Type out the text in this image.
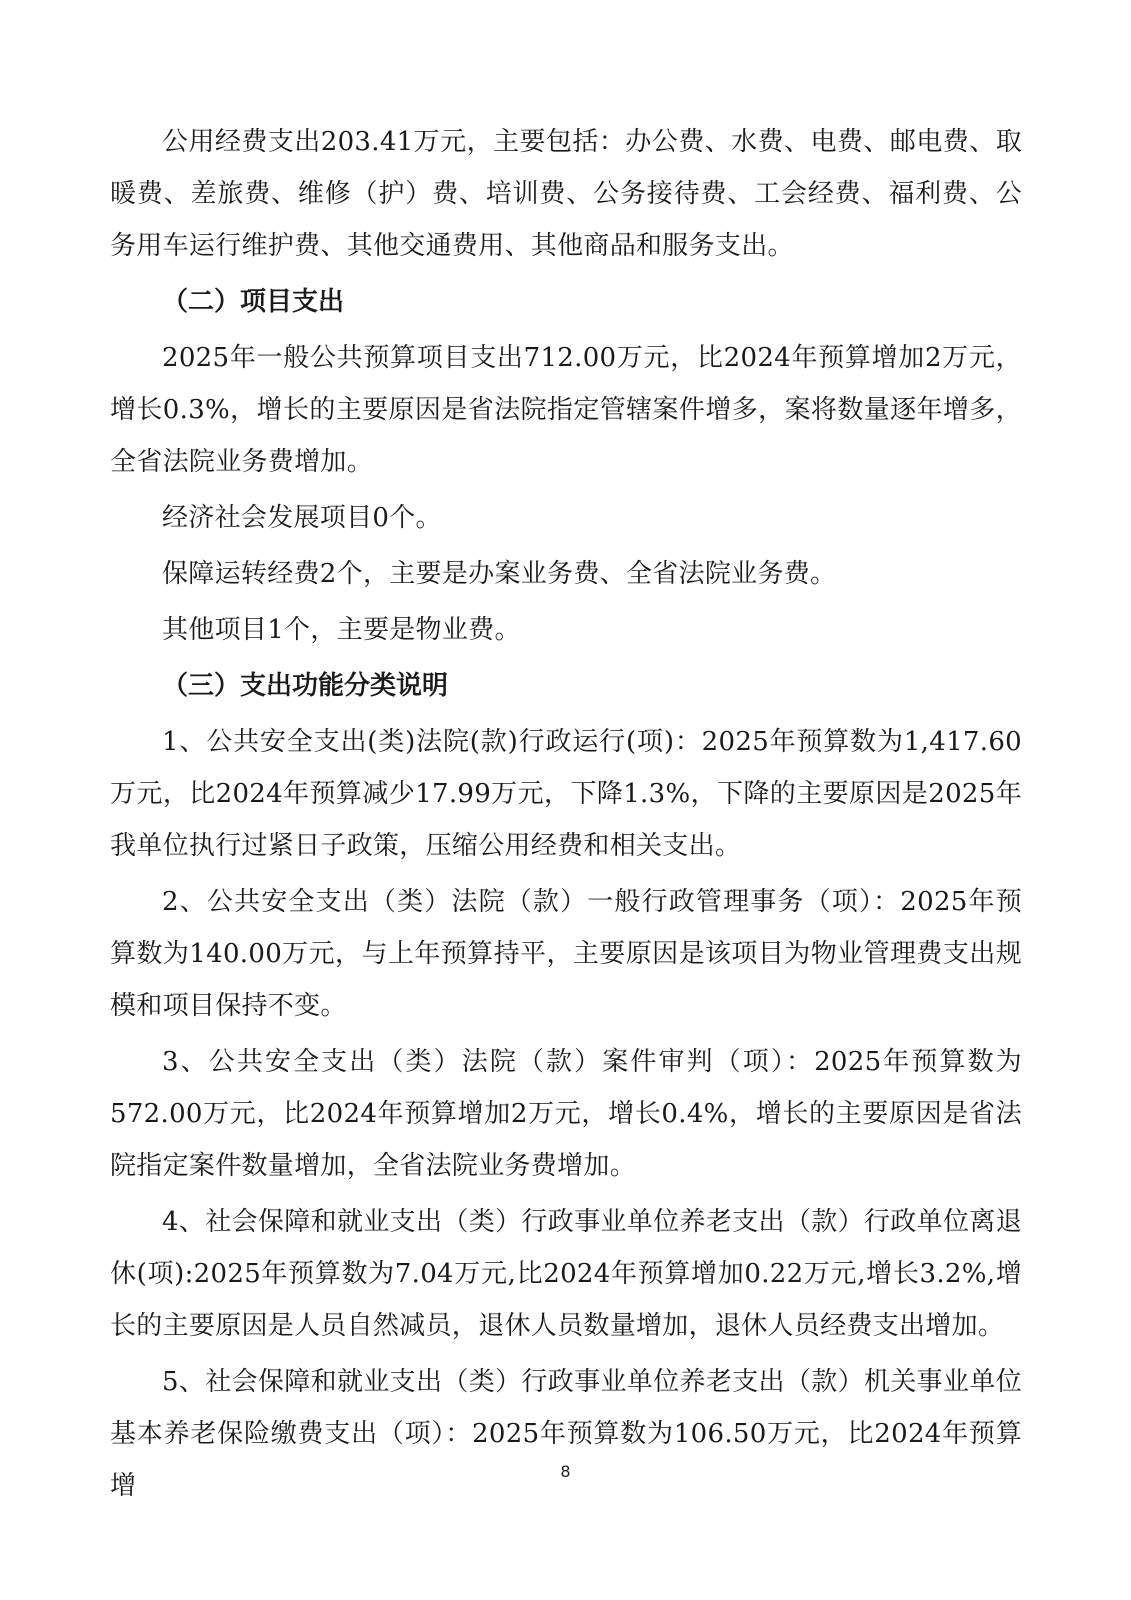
公用经费支出203.41万元，主要包括：办公费、水费、电费、邮电费、取暖费、差旅费、维修（护）费、培训费、公务接待费、工会经费、福利费、公务用车运行维护费、其他交通费用、其他商品和服务支出。

（二）项目支出

2025年一般公共预算项目支出712.00万元，比2024年预算增加2万元，增长0.3%，增长的主要原因是省法院指定管辖案件增多，案将数量逐年增多，全省法院业务费增加。

经济社会发展项目0个。

保障运转经费2个，主要是办案业务费、全省法院业务费。

其他项目1个，主要是物业费。

（三）支出功能分类说明

1、公共安全支出(类)法院(款)行政运行(项)：2025年预算数为1,417.60万元，比2024年预算减少17.99万元，下降1.3%，下降的主要原因是2025年我单位执行过紧日子政策，压缩公用经费和相关支出。

2、公共安全支出（类）法院（款）一般行政管理事务（项）：2025年预算数为140.00万元，与上年预算持平，主要原因是该项目为物业管理费支出规模和项目保持不变。

3、公共安全支出（类）法院（款）案件审判（项）：2025年预算数为572.00万元，比2024年预算增加2万元，增长0.4%，增长的主要原因是省法院指定案件数量增加，全省法院业务费增加。

4、社会保障和就业支出（类）行政事业单位养老支出（款）行政单位离退休(项):2025年预算数为7.04万元,比2024年预算增加0.22万元,增长3.2%,增长的主要原因是人员自然减员，退休人员数量增加，退休人员经费支出增加。

5、社会保障和就业支出（类）行政事业单位养老支出（款）机关事业单位基本养老保险缴费支出（项）：2025年预算数为106.50万元，比2024年预算增	8
